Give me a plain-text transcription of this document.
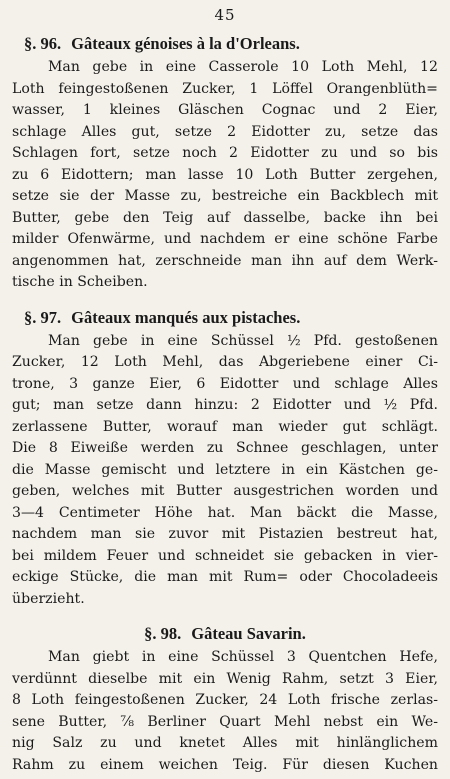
45
§. 96. Gâteaux génoises à la d'Orleans.
Man gebe in eine Casserole 10 Loth Mehl, 12
Loth feingestoßenen Zucker, 1 Löffel Orangenblüth=
wasser, 1 kleines Gläschen Cognac und 2 Eier,
schlage Alles gut, setze 2 Eidotter zu, setze das
Schlagen fort, setze noch 2 Eidotter zu und so bis
zu 6 Eidottern; man lasse 10 Loth Butter zergehen,
setze sie der Masse zu, bestreiche ein Backblech mit
Butter, gebe den Teig auf dasselbe, backe ihn bei
milder Ofenwärme, und nachdem er eine schöne Farbe
angenommen hat, zerschneide man ihn auf dem Werk-
tische in Scheiben.
§. 97. Gâteaux manqués aux pistaches.
Man gebe in eine Schüssel ½ Pfd. gestoßenen
Zucker, 12 Loth Mehl, das Abgeriebene einer Ci-
trone, 3 ganze Eier, 6 Eidotter und schlage Alles
gut; man setze dann hinzu: 2 Eidotter und ½ Pfd.
zerlassene Butter, worauf man wieder gut schlägt.
Die 8 Eiweiße werden zu Schnee geschlagen, unter
die Masse gemischt und letztere in ein Kästchen ge-
geben, welches mit Butter ausgestrichen worden und
3—4 Centimeter Höhe hat. Man bäckt die Masse,
nachdem man sie zuvor mit Pistazien bestreut hat,
bei mildem Feuer und schneidet sie gebacken in vier-
eckige Stücke, die man mit Rum= oder Chocoladeeis
überzieht.
§. 98. Gâteau Savarin.
Man giebt in eine Schüssel 3 Quentchen Hefe,
verdünnt dieselbe mit ein Wenig Rahm, setzt 3 Eier,
8 Loth feingestoßenen Zucker, 24 Loth frische zerlas-
sene Butter, ⅞ Berliner Quart Mehl nebst ein We-
nig Salz zu und knetet Alles mit hinlänglichem
Rahm zu einem weichen Teig. Für diesen Kuchen
